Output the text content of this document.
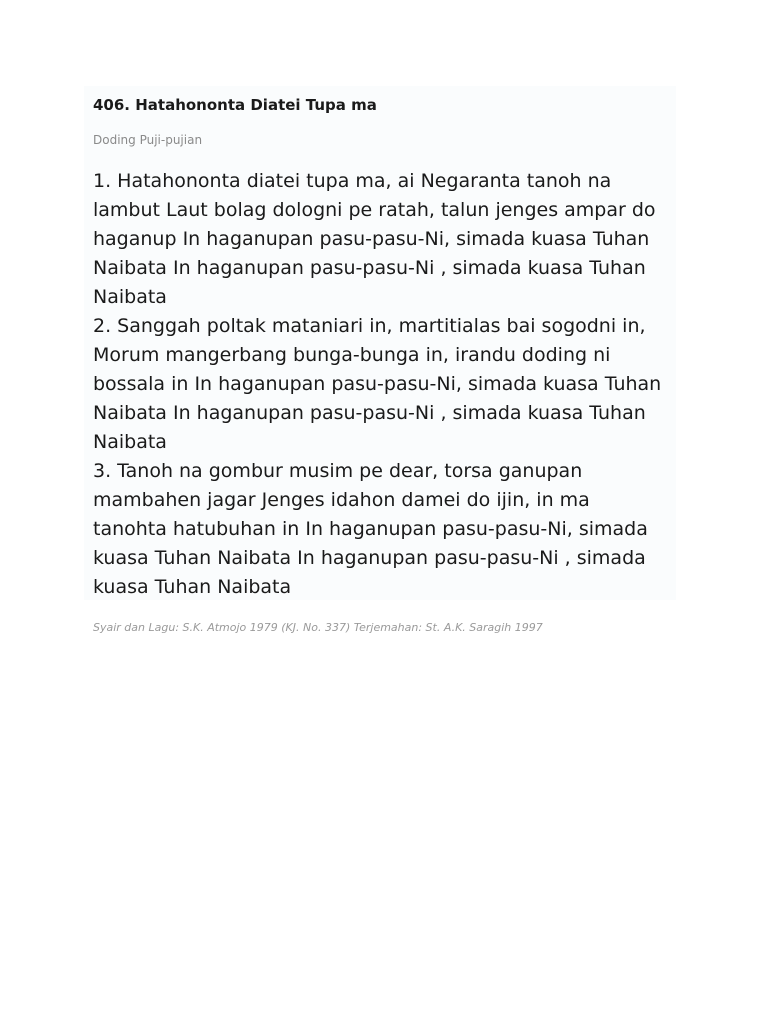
406. Hatahononta Diatei Tupa ma
Doding Puji-pujian

1. Hatahononta diatei tupa ma, ai Negaranta tanoh na lambut Laut bolag dologni pe ratah, talun jenges ampar do haganup In haganupan pasu-pasu-Ni, simada kuasa Tuhan Naibata In haganupan pasu-pasu-Ni , simada kuasa Tuhan Naibata

2. Sanggah poltak mataniari in, martitialas bai sogodni in, Morum mangerbang bunga-bunga in, irandu doding ni bossala in In haganupan pasu-pasu-Ni, simada kuasa Tuhan Naibata In haganupan pasu-pasu-Ni , simada kuasa Tuhan Naibata

3. Tanoh na gombur musim pe dear, torsa ganupan mambahen jagar Jenges idahon damei do ijin, in ma tanohta hatubuhan in In haganupan pasu-pasu-Ni, simada kuasa Tuhan Naibata In haganupan pasu-pasu-Ni , simada kuasa Tuhan Naibata

Syair dan Lagu: S.K. Atmojo 1979 (KJ. No. 337) Terjemahan: St. A.K. Saragih 1997
